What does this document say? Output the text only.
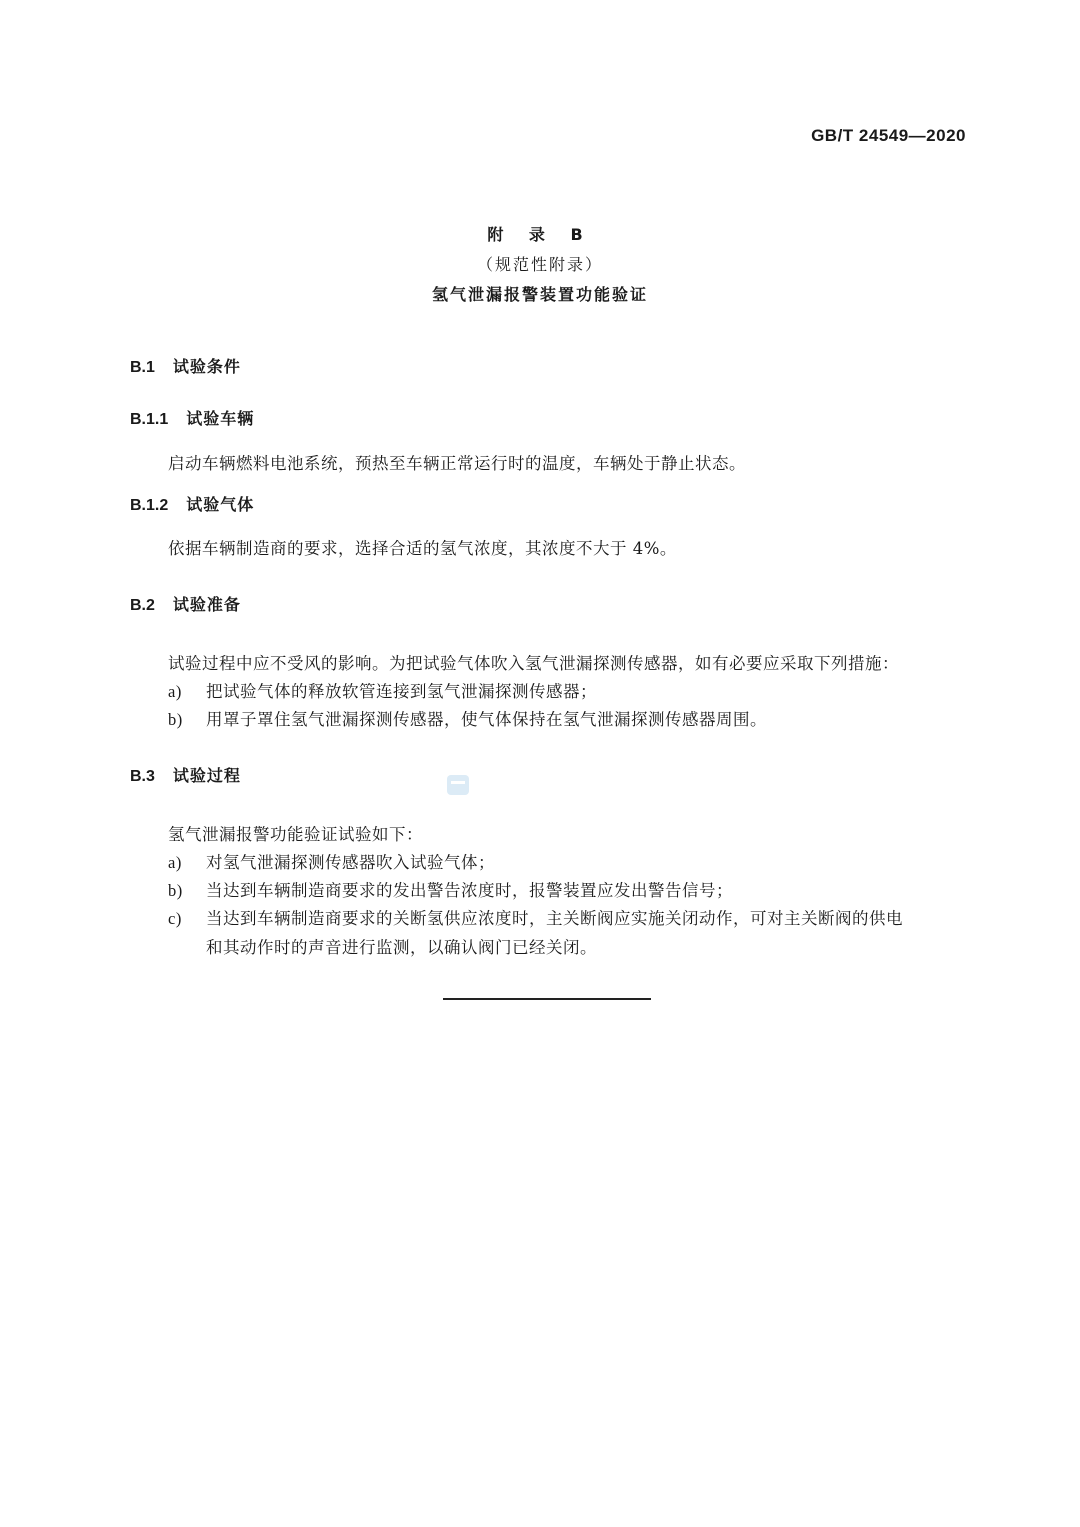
GB/T 24549—2020
附 录 B
（规范性附录）
氢气泄漏报警装置功能验证
B.1 试验条件
B.1.1 试验车辆
启动车辆燃料电池系统，预热至车辆正常运行时的温度，车辆处于静止状态。
B.1.2 试验气体
依据车辆制造商的要求，选择合适的氢气浓度，其浓度不大于 4%。
B.2 试验准备
试验过程中应不受风的影响。为把试验气体吹入氢气泄漏探测传感器，如有必要应采取下列措施：
a) 把试验气体的释放软管连接到氢气泄漏探测传感器；
b) 用罩子罩住氢气泄漏探测传感器，使气体保持在氢气泄漏探测传感器周围。
B.3 试验过程
氢气泄漏报警功能验证试验如下：
a) 对氢气泄漏探测传感器吹入试验气体；
b) 当达到车辆制造商要求的发出警告浓度时，报警装置应发出警告信号；
c) 当达到车辆制造商要求的关断氢供应浓度时，主关断阀应实施关闭动作，可对主关断阀的供电
和其动作时的声音进行监测，以确认阀门已经关闭。
